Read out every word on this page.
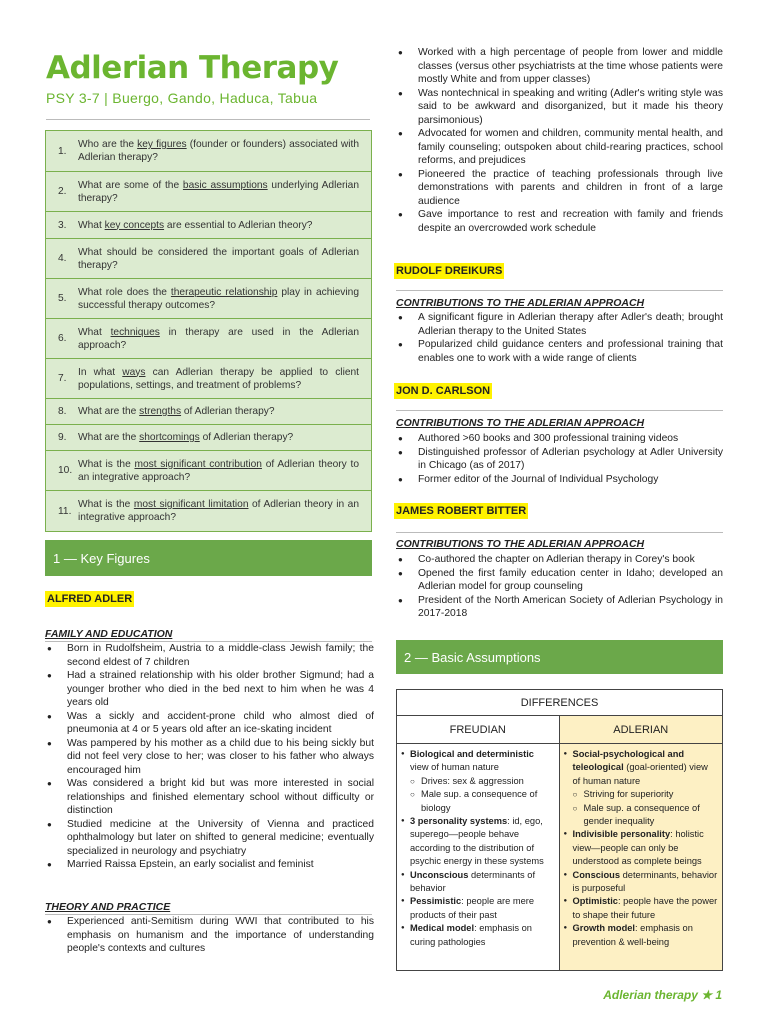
Adlerian Therapy
PSY 3-7 | Buergo, Gando, Haduca, Tabua
1.
Who are the key figures (founder or founders) associated with Adlerian therapy?
2.
What are some of the basic assumptions underlying Adlerian therapy?
3.	What key concepts are essential to Adlerian theory?
4.
What should be considered the important goals of Adlerian therapy?
5.
What role does the therapeutic relationship play in achieving successful therapy outcomes?
6.
What techniques in therapy are used in the Adlerian approach?
7.
In what ways can Adlerian therapy be applied to client populations, settings, and treatment of problems?
8.	What are the strengths of Adlerian therapy?
9.	What are the shortcomings of Adlerian therapy?
10.
What is the most significant contribution of Adlerian theory to an integrative approach?
11.
What is the most significant limitation of Adlerian theory in an integrative approach?
1 — Key Figures
ALFRED ADLER
FAMILY AND EDUCATION
● Born in Rudolfsheim, Austria to a middle-class Jewish family; the second eldest of 7 children
● Had a strained relationship with his older brother Sigmund; had a younger brother who died in the bed next to him when he was 4 years old
● Was a sickly and accident-prone child who almost died of pneumonia at 4 or 5 years old after an ice-skating incident
● Was pampered by his mother as a child due to his being sickly but did not feel very close to her; was closer to his father who always encouraged him
● Was considered a bright kid but was more interested in social relationships and finished elementary school without difficulty or distinction
● Studied medicine at the University of Vienna and practiced ophthalmology but later on shifted to general medicine; eventually specialized in neurology and psychiatry
● Married Raissa Epstein, an early socialist and feminist
THEORY AND PRACTICE
● Experienced anti-Semitism during WWI that contributed to his emphasis on humanism and the importance of understanding people's contexts and cultures
● Worked with a high percentage of people from lower and middle classes (versus other psychiatrists at the time whose patients were mostly White and from upper classes)
● Was nontechnical in speaking and writing (Adler's writing style was said to be awkward and disorganized, but it made his theory parsimonious)
● Advocated for women and children, community mental health, and family counseling; outspoken about child-rearing practices, school reforms, and prejudices
● Pioneered the practice of teaching professionals through live demonstrations with parents and children in front of a large audience
● Gave importance to rest and recreation with family and friends despite an overcrowded work schedule
RUDOLF DREIKURS
CONTRIBUTIONS TO THE ADLERIAN APPROACH
● A significant figure in Adlerian therapy after Adler's death; brought Adlerian therapy to the United States
● Popularized child guidance centers and professional training that enables one to work with a wide range of clients
JON D. CARLSON
CONTRIBUTIONS TO THE ADLERIAN APPROACH
● Authored >60 books and 300 professional training videos
● Distinguished professor of Adlerian psychology at Adler University in Chicago (as of 2017)
● Former editor of the Journal of Individual Psychology
JAMES ROBERT BITTER
CONTRIBUTIONS TO THE ADLERIAN APPROACH
● Co-authored the chapter on Adlerian therapy in Corey's book
● Opened the first family education center in Idaho; developed an Adlerian model for group counseling
● President of the North American Society of Adlerian Psychology in 2017-2018
2 — Basic Assumptions
DIFFERENCES
FREUDIAN	ADLERIAN
● Biological and deterministic view of human nature
○ Drives: sex & aggression
○ Male sup. a consequence of biology
● 3 personality systems: id, ego, superego—people behave according to the distribution of psychic energy in these systems
● Unconscious determinants of behavior
● Pessimistic: people are mere products of their past
● Medical model: emphasis on curing pathologies
● Social-psychological and teleological (goal-oriented) view of human nature
○ Striving for superiority
○ Male sup. a consequence of gender inequality
● Indivisible personality: holistic view—people can only be understood as complete beings
● Conscious determinants, behavior is purposeful
● Optimistic: people have the power to shape their future
● Growth model: emphasis on prevention & well-being
Adlerian therapy ★ 1
